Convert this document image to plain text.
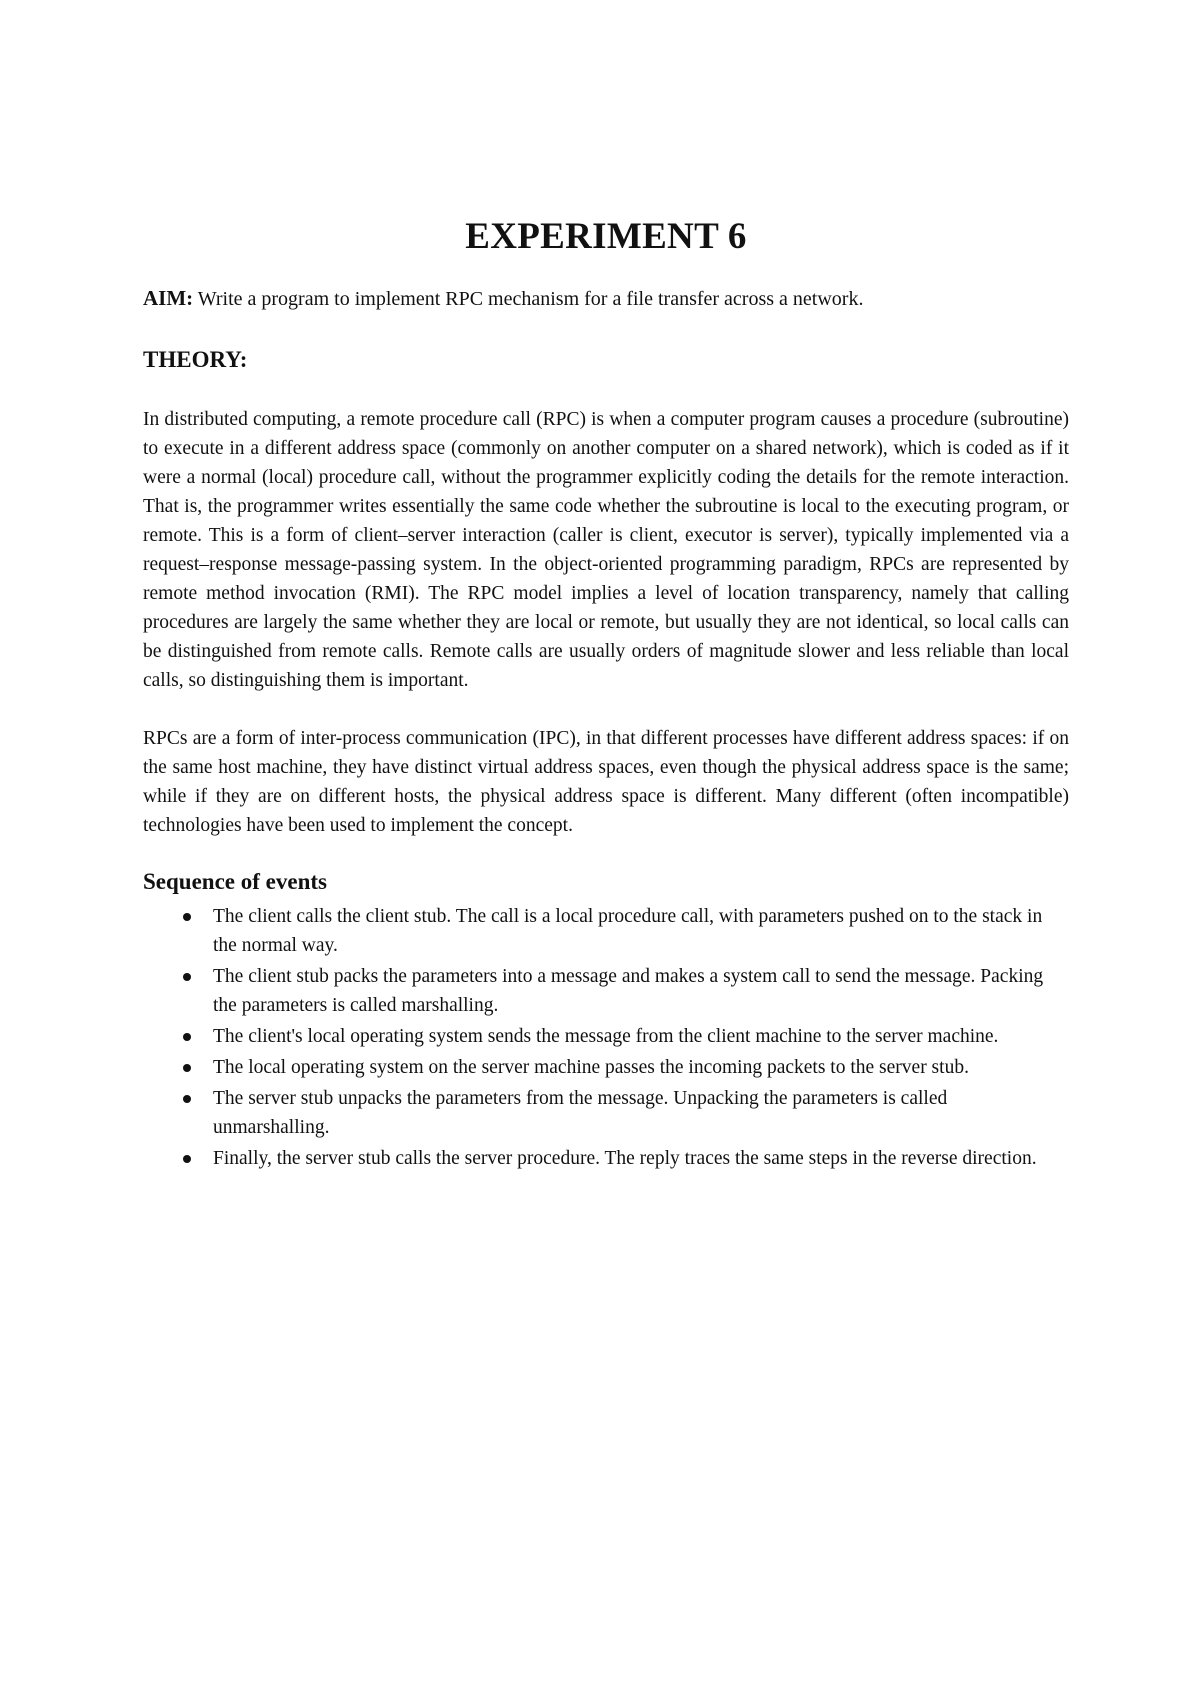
EXPERIMENT 6

AIM: Write a program to implement RPC mechanism for a file transfer across a network.

THEORY:

In distributed computing, a remote procedure call (RPC) is when a computer program causes a procedure (subroutine) to execute in a different address space (commonly on another computer on a shared network), which is coded as if it were a normal (local) procedure call, without the programmer explicitly coding the details for the remote interaction. That is, the programmer writes essentially the same code whether the subroutine is local to the executing program, or remote. This is a form of client–server interaction (caller is client, executor is server), typically implemented via a request–response message-passing system. In the object-oriented programming paradigm, RPCs are represented by remote method invocation (RMI). The RPC model implies a level of location transparency, namely that calling procedures are largely the same whether they are local or remote, but usually they are not identical, so local calls can be distinguished from remote calls. Remote calls are usually orders of magnitude slower and less reliable than local calls, so distinguishing them is important.

RPCs are a form of inter-process communication (IPC), in that different processes have different address spaces: if on the same host machine, they have distinct virtual address spaces, even though the physical address space is the same; while if they are on different hosts, the physical address space is different. Many different (often incompatible) technologies have been used to implement the concept.

Sequence of events
The client calls the client stub. The call is a local procedure call, with parameters pushed on to the stack in the normal way.
The client stub packs the parameters into a message and makes a system call to send the message. Packing the parameters is called marshalling.
The client's local operating system sends the message from the client machine to the server machine.
The local operating system on the server machine passes the incoming packets to the server stub.
The server stub unpacks the parameters from the message. Unpacking the parameters is called unmarshalling.
Finally, the server stub calls the server procedure. The reply traces the same steps in the reverse direction.
